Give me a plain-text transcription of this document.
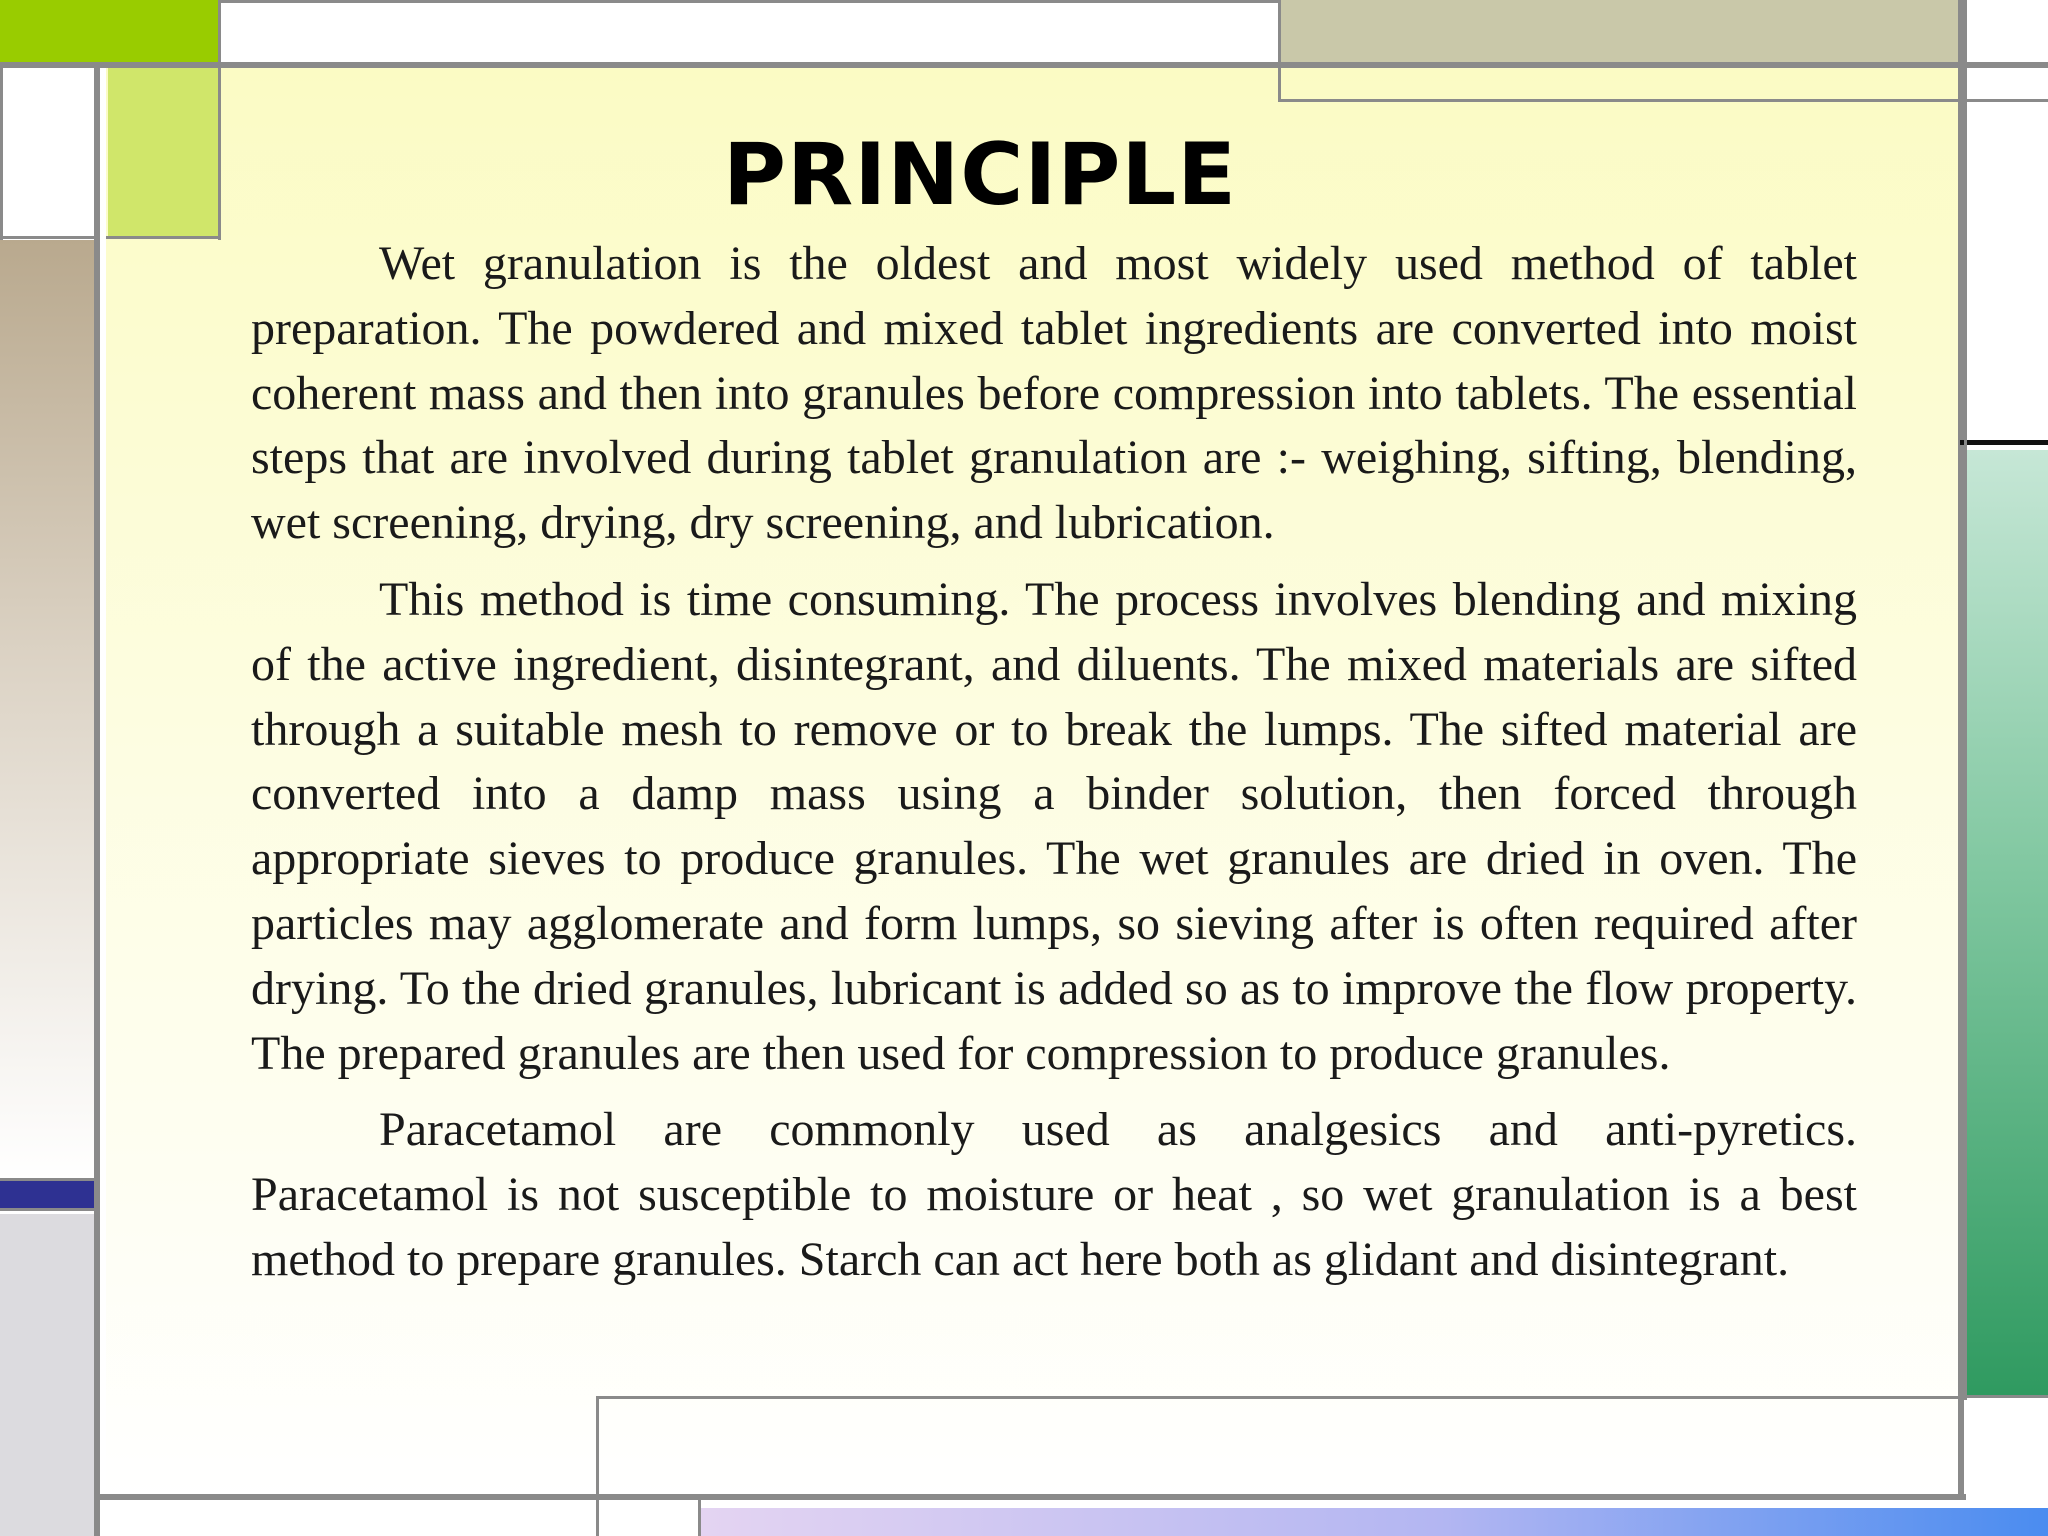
PRINCIPLE

Wet granulation is the oldest and most widely used method of tablet preparation. The powdered and mixed tablet ingredients are converted into moist coherent mass and then into granules before compression into tablets. The essential steps that are involved during tablet granulation are :- weighing, sifting, blending, wet screening, drying, dry screening, and lubrication.

This method is time consuming. The process involves blending and mixing of the active ingredient, disintegrant, and diluents. The mixed materials are sifted through a suitable mesh to remove or to break the lumps. The sifted material are converted into a damp mass using a binder solution, then forced through appropriate sieves to produce granules. The wet granules are dried in oven. The particles may agglomerate and form lumps, so sieving after is often required after drying. To the dried granules, lubricant is added so as to improve the flow property. The prepared granules are then used for compression to produce granules.

Paracetamol are commonly used as analgesics and anti-pyretics. Paracetamol is not susceptible to moisture or heat , so wet granulation is a best method to prepare granules. Starch can act here both as glidant and disintegrant.
